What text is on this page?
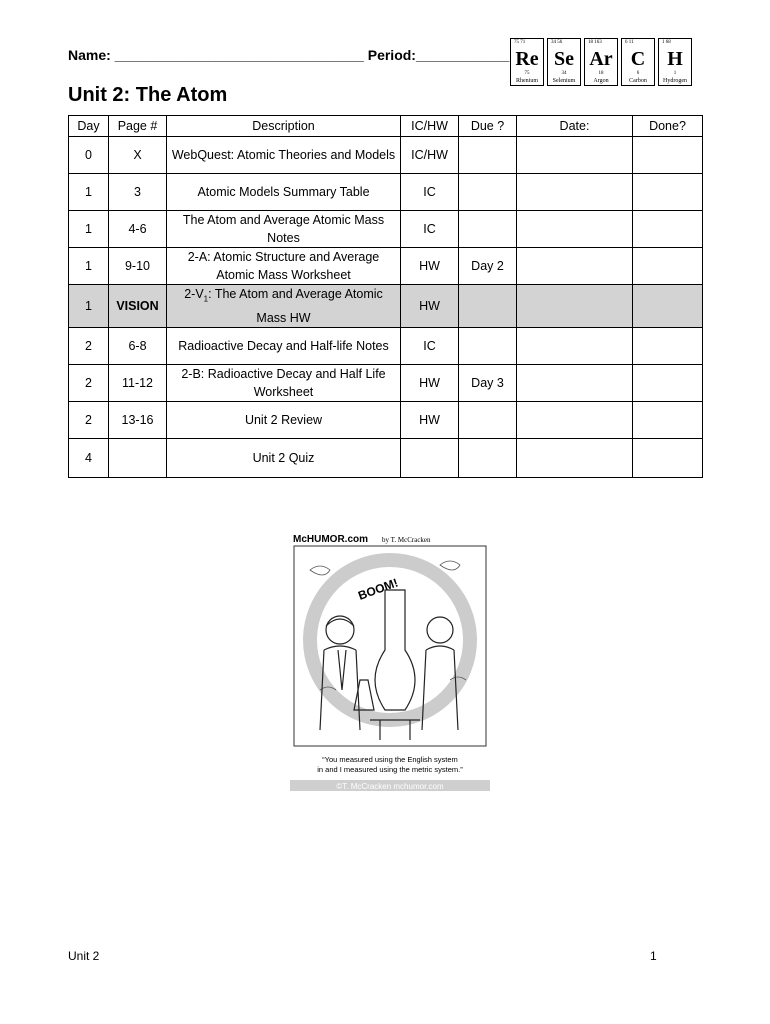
Name: ________________________________ Period:____________
75 71
Re
75
Rhenium
34 56
Se
34
Selenium
18 163
Ar
18
Argon
6 11
C
6
Carbon
1 68
H
1
Hydrogen
Unit 2: The Atom
Day	Page #	Description	IC/HW	Due ?	Date:	Done?
0	X	WebQuest: Atomic Theories and Models	IC/HW			
1	3	Atomic Models Summary Table	IC			
1	4-6	The Atom and Average Atomic Mass Notes	IC			
1	9-10	2-A: Atomic Structure and Average Atomic Mass Worksheet	HW	Day 2		
1	VISION	$2-V_1$: The Atom and Average Atomic Mass HW	HW			
2	6-8	Radioactive Decay and Half-life Notes	IC			
2	11-12	2-B: Radioactive Decay and Half Life Worksheet	HW	Day 3		
2	13-16	Unit 2 Review	HW			
4		Unit 2 Quiz				
McHUMOR.com by T. McCracken
BOOM!
“You measured using the English system
in and I measured using the metric system.”
©T. McCracken mchumor.com
Unit 2	1
